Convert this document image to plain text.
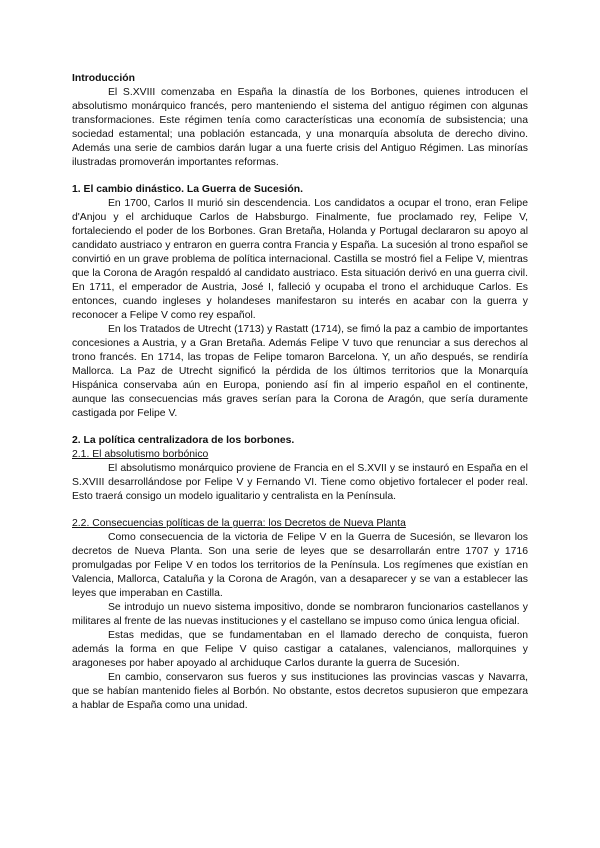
Introducción

El S.XVIII comenzaba en España la dinastía de los Borbones, quienes introducen el absolutismo monárquico francés, pero manteniendo el sistema del antiguo régimen con algunas transformaciones. Este régimen tenía como características una economía de subsistencia; una sociedad estamental; una población estancada, y una monarquía absoluta de derecho divino. Además una serie de cambios darán lugar a una fuerte crisis del Antiguo Régimen. Las minorías ilustradas promoverán importantes reformas.

1. El cambio dinástico. La Guerra de Sucesión.

En 1700, Carlos II murió sin descendencia. Los candidatos a ocupar el trono, eran Felipe d'Anjou y el archiduque Carlos de Habsburgo. Finalmente, fue proclamado rey, Felipe V, fortaleciendo el poder de los Borbones. Gran Bretaña, Holanda y Portugal declararon su apoyo al candidato austriaco y entraron en guerra contra Francia y España. La sucesión al trono español se convirtió en un grave problema de política internacional. Castilla se mostró fiel a Felipe V, mientras que la Corona de Aragón respaldó al candidato austriaco. Esta situación derivó en una guerra civil. En 1711, el emperador de Austria, José I, falleció y ocupaba el trono el archiduque Carlos. Es entonces, cuando ingleses y holandeses manifestaron su interés en acabar con la guerra y reconocer a Felipe V como rey español.

En los Tratados de Utrecht (1713) y Rastatt (1714), se fimó la paz a cambio de importantes concesiones a Austria, y a Gran Bretaña. Además Felipe V tuvo que renunciar a sus derechos al trono francés. En 1714, las tropas de Felipe tomaron Barcelona. Y, un año después, se rendiría Mallorca. La Paz de Utrecht significó la pérdida de los últimos territorios que la Monarquía Hispánica conservaba aún en Europa, poniendo así fin al imperio español en el continente, aunque las consecuencias más graves serían para la Corona de Aragón, que sería duramente castigada por Felipe V.

2. La política centralizadora de los borbones.
2.1. El absolutismo borbónico

El absolutismo monárquico proviene de Francia en el S.XVII y se instauró en España en el S.XVIII desarrollándose por Felipe V y Fernando VI. Tiene como objetivo fortalecer el poder real. Esto traerá consigo un modelo igualitario y centralista en la Península.

2.2. Consecuencias políticas de la guerra: los Decretos de Nueva Planta

Como consecuencia de la victoria de Felipe V en la Guerra de Sucesión, se llevaron los decretos de Nueva Planta. Son una serie de leyes que se desarrollarán entre 1707 y 1716 promulgadas por Felipe V en todos los territorios de la Península. Los regímenes que existían en Valencia, Mallorca, Cataluña y la Corona de Aragón, van a desaparecer y se van a establecer las leyes que imperaban en Castilla.

Se introdujo un nuevo sistema impositivo, donde se nombraron funcionarios castellanos y militares al frente de las nuevas instituciones y el castellano se impuso como única lengua oficial.

Estas medidas, que se fundamentaban en el llamado derecho de conquista, fueron además la forma en que Felipe V quiso castigar a catalanes, valencianos, mallorquines y aragoneses por haber apoyado al archiduque Carlos durante la guerra de Sucesión.

En cambio, conservaron sus fueros y sus instituciones las provincias vascas y Navarra, que se habían mantenido fieles al Borbón. No obstante, estos decretos supusieron que empezara a hablar de España como una unidad.
